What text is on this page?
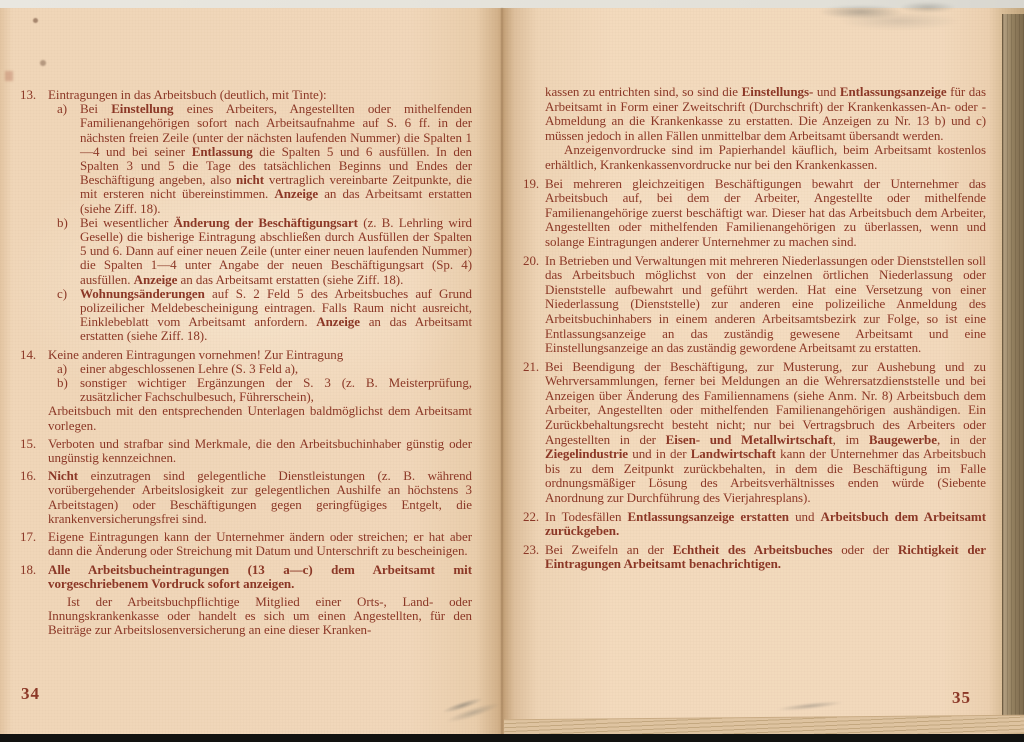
13. Eintragungen in das Arbeitsbuch (deutlich, mit Tinte):
a)	Bei Einstellung eines Arbeiters, Angestellten oder mithelfenden Familienangehörigen sofort nach Arbeitsaufnahme auf S. 6 ff. in der nächsten freien Zeile (unter der nächsten laufenden Nummer) die Spalten 1—4 und bei seiner Entlassung die Spalten 5 und 6 ausfüllen. In den Spalten 3 und 5 die Tage des tatsächlichen Beginns und Endes der Beschäftigung angeben, also nicht vertraglich vereinbarte Zeitpunkte, die mit ersteren nicht übereinstimmen. Anzeige an das Arbeitsamt erstatten (siehe Ziff. 18).
b) Bei wesentlicher Änderung der Beschäftigungsart (z. B. Lehrling wird Geselle) die bisherige Eintragung abschließen durch Ausfüllen der Spalten 5 und 6. Dann auf einer neuen Zeile (unter einer neuen laufenden Nummer) die Spalten 1—4 unter Angabe der neuen Beschäftigungsart (Sp. 4) ausfüllen. Anzeige an das Arbeitsamt erstatten (siehe Ziff. 18).
c)	Wohnungsänderungen auf S. 2 Feld 5 des Arbeitsbuches auf Grund polizeilicher Meldebescheinigung eintragen. Falls Raum nicht ausreicht, Einklebeblatt vom Arbeitsamt anfordern. Anzeige an das Arbeitsamt erstatten (siehe Ziff. 18).
14. Keine anderen Eintragungen vornehmen! Zur Eintragung
a)	einer abgeschlossenen Lehre (S. 3 Feld a),
b) sonstiger wichtiger Ergänzungen der S. 3 (z. B. Meisterprüfung, zusätzlicher Fachschulbesuch, Führerschein),
Arbeitsbuch mit den entsprechenden Unterlagen baldmöglichst dem Arbeitsamt vorlegen.
15. Verboten und strafbar sind Merkmale, die den Arbeitsbuchinhaber günstig oder ungünstig kennzeichnen.
16. Nicht einzutragen sind gelegentliche Dienstleistungen (z. B. während vorübergehender Arbeitslosigkeit zur gelegentlichen Aushilfe an höchstens 3 Arbeitstagen) oder Beschäftigungen gegen geringfügiges Entgelt, die krankenversicherungsfrei sind.
17. Eigene Eintragungen kann der Unternehmer ändern oder streichen; er hat aber dann die Änderung oder Streichung mit Datum und Unterschrift zu bescheinigen.
18. Alle Arbeitsbucheintragungen (13 a—c) dem Arbeitsamt mit vorgeschriebenem Vordruck sofort anzeigen.
Ist der Arbeitsbuchpflichtige Mitglied einer Orts-, Land- oder Innungskrankenkasse oder handelt es sich um einen Angestellten, für den Beiträge zur Arbeitslosenversicherung an eine dieser Kranken-
kassen zu entrichten sind, so sind die Einstellungs- und Entlassungsanzeige für das Arbeitsamt in Form einer Zweitschrift (Durchschrift) der Krankenkassen-An- oder -Abmeldung an die Krankenkasse zu erstatten. Die Anzeigen zu Nr. 13 b) und c) müssen jedoch in allen Fällen unmittelbar dem Arbeitsamt übersandt werden.
Anzeigenvordrucke sind im Papierhandel käuflich, beim Arbeitsamt kostenlos erhältlich, Krankenkassenvordrucke nur bei den Krankenkassen.
19. Bei mehreren gleichzeitigen Beschäftigungen bewahrt der Unternehmer das Arbeitsbuch auf, bei dem der Arbeiter, Angestellte oder mithelfende Familienangehörige zuerst beschäftigt war. Dieser hat das Arbeitsbuch dem Arbeiter, Angestellten oder mithelfenden Familienangehörigen zu überlassen, wenn und solange Eintragungen anderer Unternehmer zu machen sind.
20. In Betrieben und Verwaltungen mit mehreren Niederlassungen oder Dienststellen soll das Arbeitsbuch möglichst von der einzelnen örtlichen Niederlassung oder Dienststelle aufbewahrt und geführt werden. Hat eine Versetzung von einer Niederlassung (Dienststelle) zur anderen eine polizeiliche Anmeldung des Arbeitsbuchinhabers in einem anderen Arbeitsamtsbezirk zur Folge, so ist eine Entlassungsanzeige an das zuständig gewesene Arbeitsamt und eine Einstellungsanzeige an das zuständig gewordene Arbeitsamt zu erstatten.
21. Bei Beendigung der Beschäftigung, zur Musterung, zur Aushebung und zu Wehrversammlungen, ferner bei Meldungen an die Wehrersatzdienststelle und bei Anzeigen über Änderung des Familiennamens (siehe Anm. Nr. 8) Arbeitsbuch dem Arbeiter, Angestellten oder mithelfenden Familienangehörigen aushändigen. Ein Zurückbehaltungsrecht besteht nicht; nur bei Vertragsbruch des Arbeiters oder Angestellten in der Eisen- und Metallwirtschaft, im Baugewerbe, in der Ziegelindustrie und in der Landwirtschaft kann der Unternehmer das Arbeitsbuch bis zu dem Zeitpunkt zurückbehalten, in dem die Beschäftigung im Falle ordnungsmäßiger Lösung des Arbeitsverhältnisses enden würde (Siebente Anordnung zur Durchführung des Vierjahresplans).
22. In Todesfällen Entlassungsanzeige erstatten und Arbeitsbuch dem Arbeitsamt zurückgeben.
23. Bei Zweifeln an der Echtheit des Arbeitsbuches oder der Richtigkeit der Eintragungen Arbeitsamt benachrichtigen.
34	35
